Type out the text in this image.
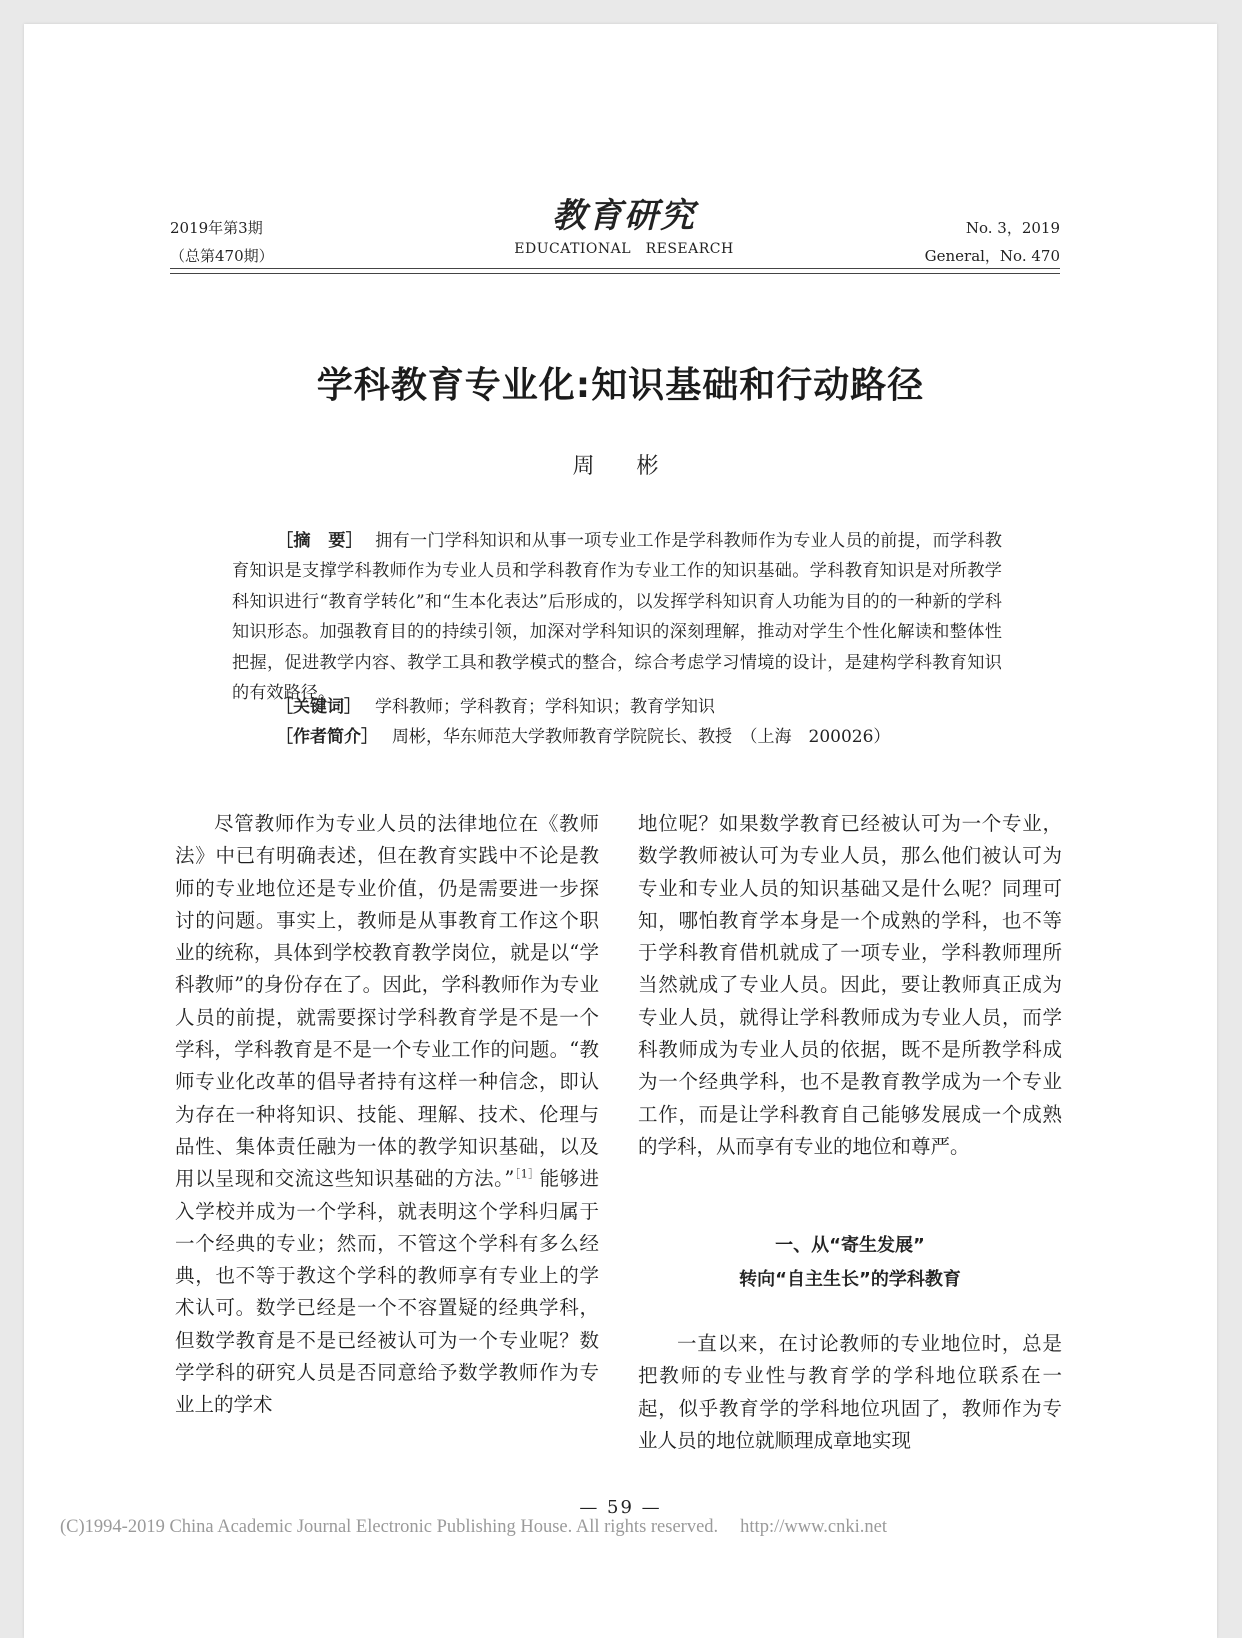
2019年第3期
（总第470期）
教育研究
EDUCATIONAL　RESEARCH
No. 3，2019
General，No. 470
学科教育专业化:知识基础和行动路径
周　彬
［摘　要］ 拥有一门学科知识和从事一项专业工作是学科教师作为专业人员的前提，而学科教育知识是支撑学科教师作为专业人员和学科教育作为专业工作的知识基础。学科教育知识是对所教学科知识进行“教育学转化”和“生本化表达”后形成的，以发挥学科知识育人功能为目的的一种新的学科知识形态。加强教育目的的持续引领，加深对学科知识的深刻理解，推动对学生个性化解读和整体性把握，促进教学内容、教学工具和教学模式的整合，综合考虑学习情境的设计，是建构学科教育知识的有效路径。
［关键词］ 学科教师；学科教育；学科知识；教育学知识
［作者简介］ 周彬，华东师范大学教师教育学院院长、教授　（上海　200026）

尽管教师作为专业人员的法律地位在《教师法》中已有明确表述，但在教育实践中不论是教师的专业地位还是专业价值，仍是需要进一步探讨的问题。事实上，教师是从事教育工作这个职业的统称，具体到学校教育教学岗位，就是以“学科教师”的身份存在了。因此，学科教师作为专业人员的前提，就需要探讨学科教育学是不是一个学科，学科教育是不是一个专业工作的问题。“教师专业化改革的倡导者持有这样一种信念，即认为存在一种将知识、技能、理解、技术、伦理与品性、集体责任融为一体的教学知识基础，以及用以呈现和交流这些知识基础的方法。”$^{[1]}$能够进入学校并成为一个学科，就表明这个学科归属于一个经典的专业；然而，不管这个学科有多么经典，也不等于教这个学科的教师享有专业上的学术认可。数学已经是一个不容置疑的经典学科，但数学教育是不是已经被认可为一个专业呢？数学学科的研究人员是否同意给予数学教师作为专业上的学术

地位呢？如果数学教育已经被认可为一个专业，数学教师被认可为专业人员，那么他们被认可为专业和专业人员的知识基础又是什么呢？同理可知，哪怕教育学本身是一个成熟的学科，也不等于学科教育借机就成了一项专业，学科教师理所当然就成了专业人员。因此，要让教师真正成为专业人员，就得让学科教师成为专业人员，而学科教师成为专业人员的依据，既不是所教学科成为一个经典学科，也不是教育教学成为一个专业工作，而是让学科教育自己能够发展成一个成熟的学科，从而享有专业的地位和尊严。

一、从“寄生发展”
转向“自主生长”的学科教育

一直以来，在讨论教师的专业地位时，总是把教师的专业性与教育学的学科地位联系在一起，似乎教育学的学科地位巩固了，教师作为专业人员的地位就顺理成章地实现

— 59 —
(C)1994-2019 China Academic Journal Electronic Publishing House. All rights reserved. http://www.cnki.net
